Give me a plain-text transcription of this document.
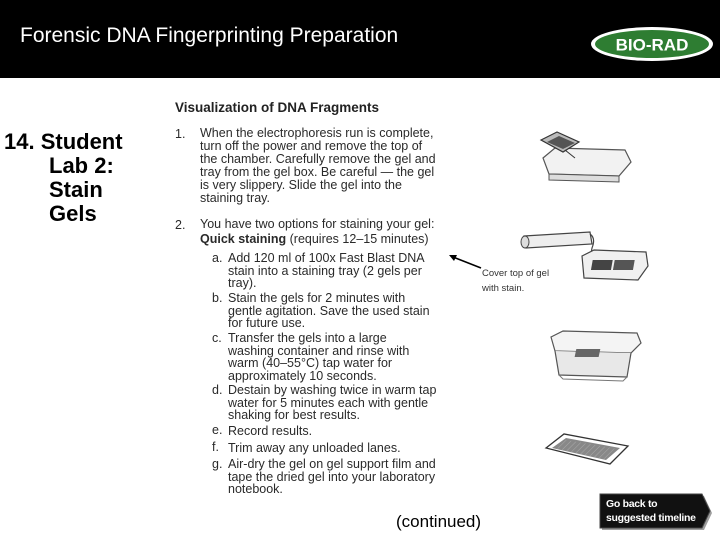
Forensic DNA Fingerprinting Preparation	BIO-RAD
14. Student
Lab 2:
Stain
Gels
Visualization of DNA Fragments
1. When the electrophoresis run is complete,
turn off the power and remove the top of
the chamber. Carefully remove the gel and
tray from the gel box. Be careful — the gel
is very slippery. Slide the gel into the
staining tray.
2. You have two options for staining your gel:
Quick staining (requires 12–15 minutes)
a. Add 120 ml of 100x Fast Blast DNA
stain into a staining tray (2 gels per
tray).
b. Stain the gels for 2 minutes with
gentle agitation. Save the used stain
for future use.
c. Transfer the gels into a large
washing container and rinse with
warm (40–55°C) tap water for
approximately 10 seconds.
d. Destain by washing twice in warm tap
water for 5 minutes each with gentle
shaking for best results.
e. Record results.
f. Trim away any unloaded lanes.
g. Air-dry the gel on gel support film and
tape the dried gel into your laboratory
notebook.
Cover top of gel
with stain.
(continued)
Go back to
suggested timeline
